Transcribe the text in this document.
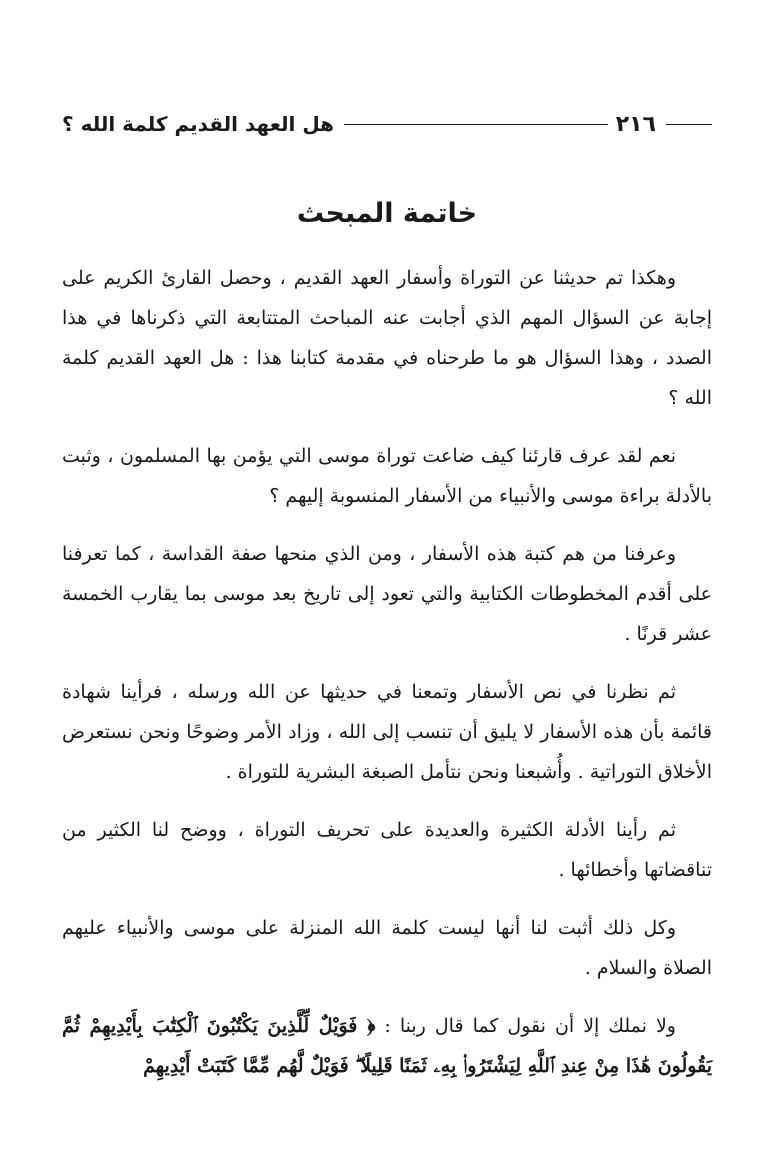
٢١٦
هل العهد القديم كلمة الله ؟
خاتمة المبحث

وهكذا تم حديثنا عن التوراة وأسفار العهد القديم ، وحصل القارئ الكريم على إجابة عن السؤال المهم الذي أجابت عنه المباحث المتتابعة التي ذكرناها في هذا الصدد ، وهذا السؤال هو ما طرحناه في مقدمة كتابنا هذا : هل العهد القديم كلمة الله ؟

نعم لقد عرف قارئنا كيف ضاعت توراة موسى التي يؤمن بها المسلمون ، وثبت بالأدلة براءة موسى والأنبياء من الأسفار المنسوبة إليهم ؟

وعرفنا من هم كتبة هذه الأسفار ، ومن الذي منحها صفة القداسة ، كما تعرفنا على أقدم المخطوطات الكتابية والتي تعود إلى تاريخ بعد موسى بما يقارب الخمسة عشر قرنًا .

ثم نظرنا في نص الأسفار وتمعنا في حديثها عن الله ورسله ، فرأينا شهادة قائمة بأن هذه الأسفار لا يليق أن تنسب إلى الله ، وزاد الأمر وضوحًا ونحن نستعرض الأخلاق التوراتية . وأُشبعنا ونحن نتأمل الصبغة البشرية للتوراة .

ثم رأينا الأدلة الكثيرة والعديدة على تحريف التوراة ، ووضح لنا الكثير من تناقضاتها وأخطائها .

وكل ذلك أثبت لنا أنها ليست كلمة الله المنزلة على موسى والأنبياء عليهم الصلاة والسلام .

ولا نملك إلا أن نقول كما قال ربنا : ﴿ فَوَيْلٌ لِّلَّذِينَ يَكْتُبُونَ ٱلْكِتَٰبَ بِأَيْدِيهِمْ ثُمَّ يَقُولُونَ هَٰذَا مِنْ عِندِ ٱللَّهِ لِيَشْتَرُوا۟ بِهِۦ ثَمَنًا قَلِيلًا ۖ فَوَيْلٌ لَّهُم مِّمَّا كَتَبَتْ أَيْدِيهِمْ
